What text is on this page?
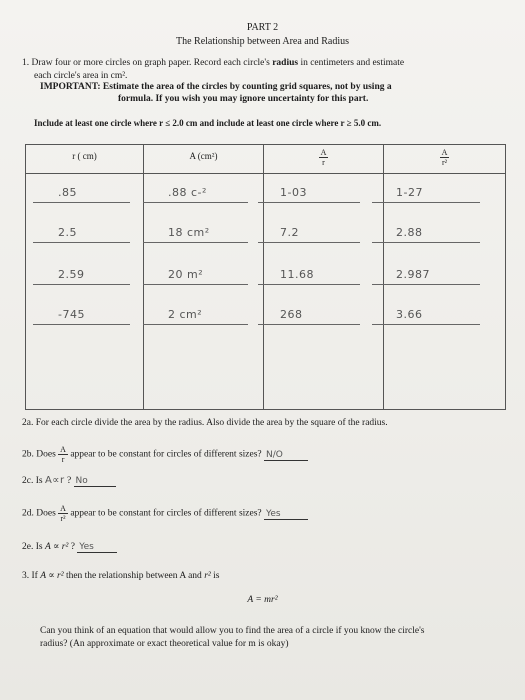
PART 2
The Relationship between Area and Radius
1. Draw four or more circles on graph paper. Record each circle's radius in centimeters and estimate
each circle's area in cm².
IMPORTANT: Estimate the area of the circles by counting grid squares, not by using a
formula. If you wish you may ignore uncertainty for this part.
Include at least one circle where r ≤ 2.0 cm and include at least one circle where r ≥ 5.0 cm.
r ( cm)	A (cm²)	$\frac{A}{r}$	$\frac{A}{\text{r²}}$

.85	.88 c-²	1-03	1-27
2.5	18 cm²	7.2	2.88
2.59	20 m²	11.68	2.987
-745	2 cm²	268	3.66
2a. For each circle divide the area by the radius. Also divide the area by the square of the radius.
2b. Does $\frac{A}{r}$ appear to be constant for circles of different sizes? N/O
2c. Is A∝r ? No
2d. Does $\frac{A}{\text{r²}}$ appear to be constant for circles of different sizes? Yes
2e. Is A ∝ r² ? Yes
3. If A ∝ r² then the relationship between A and r² is
A = mr²
Can you think of an equation that would allow you to find the area of a circle if you know the circle's
radius? (An approximate or exact theoretical value for m is okay)
